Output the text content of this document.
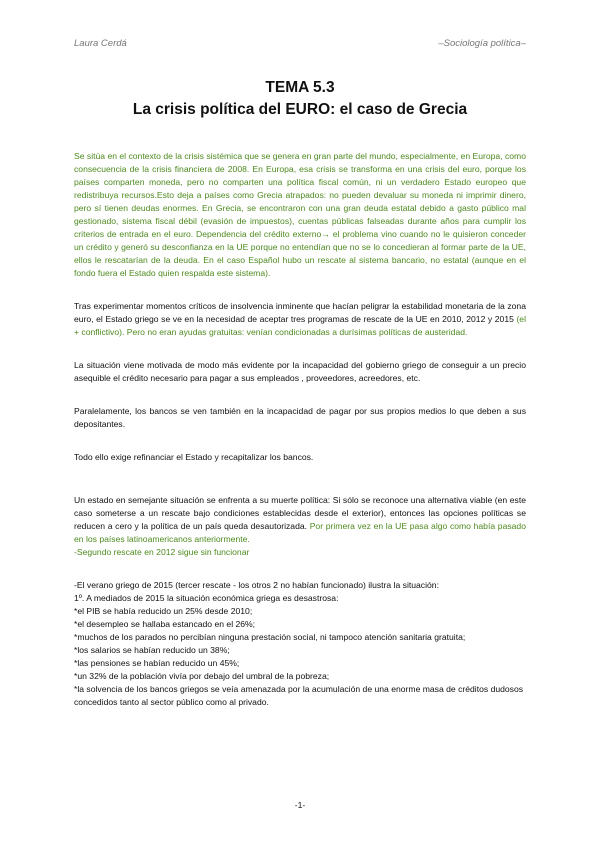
Laura Cerdá	–Sociología política–
TEMA 5.3
La crisis política del EURO: el caso de Grecia

Se sitúa en el contexto de la crisis sistémica que se genera en gran parte del mundo, especialmente, en Europa, como consecuencia de la crisis financiera de 2008. En Europa, esa crisis se transforma en una crisis del euro, porque los países comparten moneda, pero no comparten una política fiscal común, ni un verdadero Estado europeo que redistribuya recursos.Esto deja a países como Grecia atrapados: no pueden devaluar su moneda ni imprimir dinero, pero sí tienen deudas enormes. En Grecia, se encontraron con una gran deuda estatal debido a gasto público mal gestionado, sistema fiscal débil (evasión de impuestos), cuentas públicas falseadas durante años para cumplir los criterios de entrada en el euro. Dependencia del crédito externo→ el problema vino cuando no le quisieron conceder un crédito y generó su desconfianza en la UE porque no entendían que no se lo concedieran al formar parte de la UE, ellos le rescatarían de la deuda. En el caso Español hubo un rescate al sistema bancario, no estatal (aunque en el fondo fuera el Estado quien respalda este sistema).

Tras experimentar momentos críticos de insolvencia inminente que hacían peligrar la estabilidad monetaria de la zona euro, el Estado griego se ve en la necesidad de aceptar tres programas de rescate de la UE en 2010, 2012 y 2015 (el + conflictivo). Pero no eran ayudas gratuitas: venían condicionadas a durísimas políticas de austeridad.

La situación viene motivada de modo más evidente por la incapacidad del gobierno griego de conseguir a un precio asequible el crédito necesario para pagar a sus empleados , proveedores, acreedores, etc.

Paralelamente, los bancos se ven también en la incapacidad de pagar por sus propios medios lo que deben a sus depositantes.

Todo ello exige refinanciar el Estado y recapitalizar los bancos.

Un estado en semejante situación se enfrenta a su muerte política: Si sólo se reconoce una alternativa viable (en este caso someterse a un rescate bajo condiciones establecidas desde el exterior), entonces las opciones políticas se reducen a cero y la política de un país queda desautorizada. Por primera vez en la UE pasa algo como había pasado en los países latinoamericanos anteriormente.

-Segundo rescate en 2012 sigue sin funcionar

-El verano griego de 2015 (tercer rescate - los otros 2 no habían funcionado) ilustra la situación:

1º. A mediados de 2015 la situación económica griega es desastrosa:

*el PIB se había reducido un 25% desde 2010;

*el desempleo se hallaba estancado en el 26%;

*muchos de los parados no percibían ninguna prestación social, ni tampoco atención sanitaria gratuita;

*los salarios se habían reducido un 38%;

*las pensiones se habían reducido un 45%;

*un 32% de la población vivía por debajo del umbral de la pobreza;

*la solvencia de los bancos griegos se veía amenazada por la acumulación de una enorme masa de créditos dudosos concedidos tanto al sector público como al privado.

-1-
